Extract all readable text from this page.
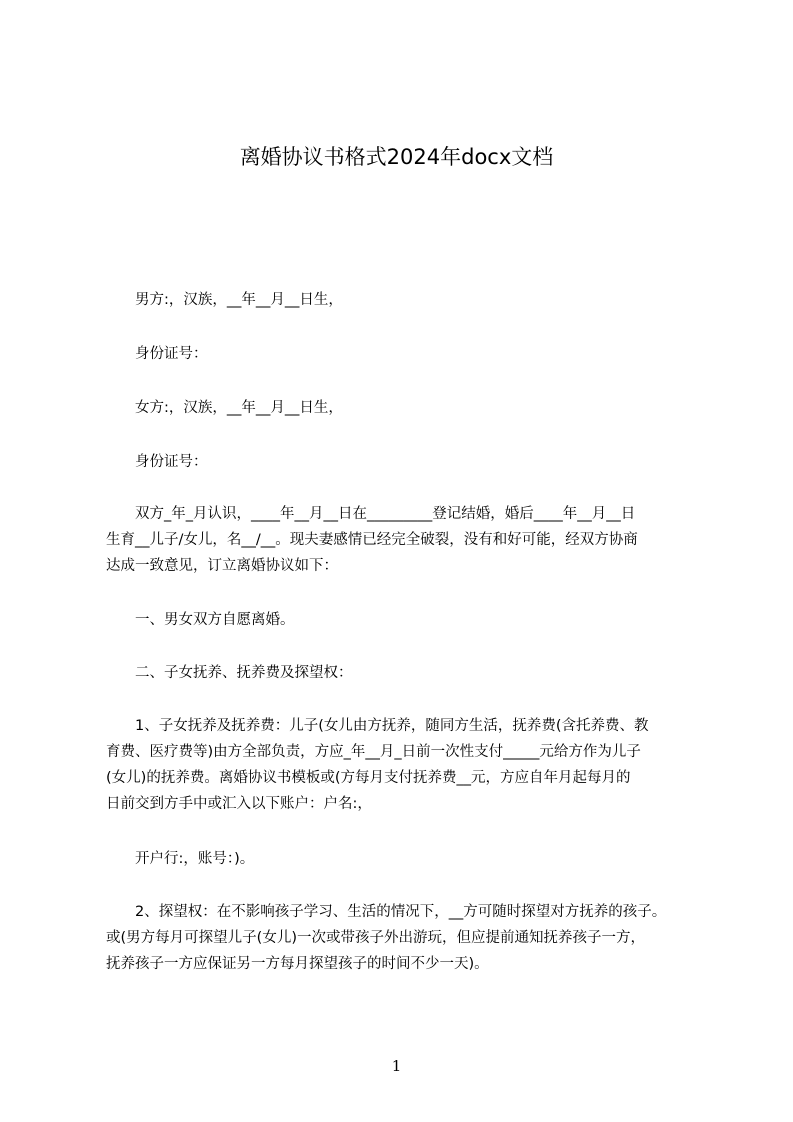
离婚协议书格式2024年docx文档

　　男方:，汉族，__年__月__日生，

　　身份证号：

　　女方:，汉族，__年__月__日生，

　　身份证号：

　　双方_年_月认识，____年__月__日在_________登记结婚，婚后____年__月__日
生育__儿子/女儿，名__/__。现夫妻感情已经完全破裂，没有和好可能，经双方协商
达成一致意见，订立离婚协议如下：

　　一、男女双方自愿离婚。

　　二、子女抚养、抚养费及探望权：

　　1、子女抚养及抚养费：儿子(女儿由方抚养，随同方生活，抚养费(含托养费、教
育费、医疗费等)由方全部负责，方应_年__月_日前一次性支付_____元给方作为儿子
(女儿)的抚养费。离婚协议书模板或(方每月支付抚养费__元，方应自年月起每月的
日前交到方手中或汇入以下账户：户名:，

　　开户行:，账号：)。

　　2、探望权：在不影响孩子学习、生活的情况下，__方可随时探望对方抚养的孩子。
或(男方每月可探望儿子(女儿)一次或带孩子外出游玩，但应提前通知抚养孩子一方，
抚养孩子一方应保证另一方每月探望孩子的时间不少一天)。

1
